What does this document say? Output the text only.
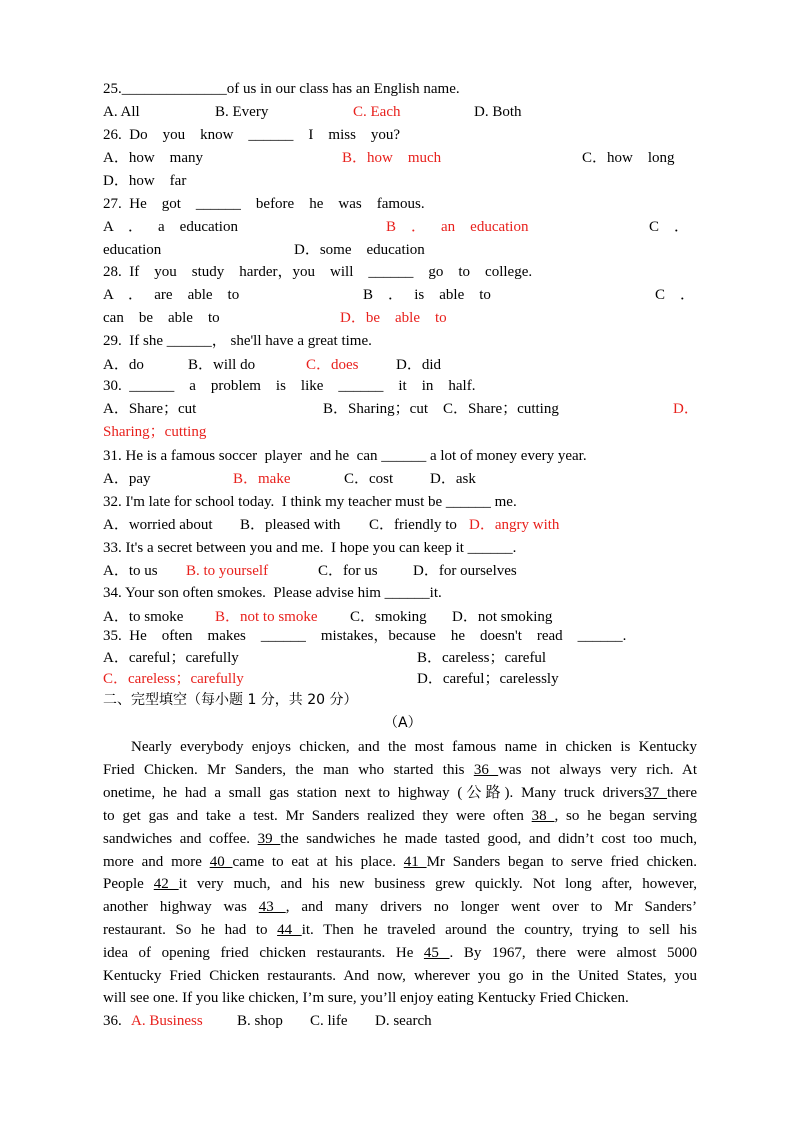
25.______________of us in our class has an English name.
A. All	B. Every	C. Each	D. Both
26.  Do    you    know    ______    I    miss    you?
A．how    many	B．how    much	C．how    long
D．how    far
27.  He    got    ______    before    he    was    famous.
A    ．    a    education	B    ．    an    education	C    ．
education	D．some    education
28.  If    you    study    harder，you    will    ______    go    to    college.
A    ．   are    able    to	B    ．   is    able    to	C    ．
can    be    able    to	D．be    able    to
29.  If she ______， she'll have a great time.
A．do	B．will do	C．does D．did
30.  ______    a    problem    is    like    ______    it    in    half.
A．Share；cut	B．Sharing；cut C．Share；cutting	D．
Sharing；cutting
31. He is a famous soccer  player  and he  can ______ a lot of money every year.
A．pay	B．make	C．cost D．ask
32. I'm late for school today.  I think my teacher must be ______ me.
A．worried about B．pleased with C．friendly to D．angry with
33. It's a secret between you and me.  I hope you can keep it ______.
A．to us B. to yourself	C．for us D．for ourselves
34. Your son often smokes.  Please advise him ______it.
A．to smoke B．not to smoke C．smoking D．not smoking
35.  He    often    makes    ______    mistakes，because    he    doesn't    read    ______.
A．careful；carefully	B．careless；careful
C．careless；carefully	D．careful；carelessly
二、完型填空（每小题 1 分，共 20 分）
（A）
Nearly everybody enjoys chicken, and the most famous name in chicken is Kentucky
Fried Chicken. Mr Sanders, the man who started this 36 was not always very rich. At
onetime, he had a small gas station next to highway (公路). Many truck drivers37 there
to get gas and take a test. Mr Sanders realized they were often 38 , so he began serving
sandwiches and coffee. 39 the sandwiches he made tasted good, and didn’t cost too much,
more and more 40 came to eat at his place. 41 Mr Sanders began to serve fried chicken.
People 42 it very much, and his new business grew quickly. Not long after, however,
another highway was 43 , and many drivers no longer went over to Mr Sanders’
restaurant. So he had to 44 it. Then he traveled around the country, trying to sell his
idea of opening fried chicken restaurants. He 45 . By 1967, there were almost 5000
Kentucky Fried Chicken restaurants. And now, wherever you go in the United States, you
will see one. If you like chicken, I’m sure, you’ll enjoy eating Kentucky Fried Chicken.
36. A. Business B. shop C. life D. search
